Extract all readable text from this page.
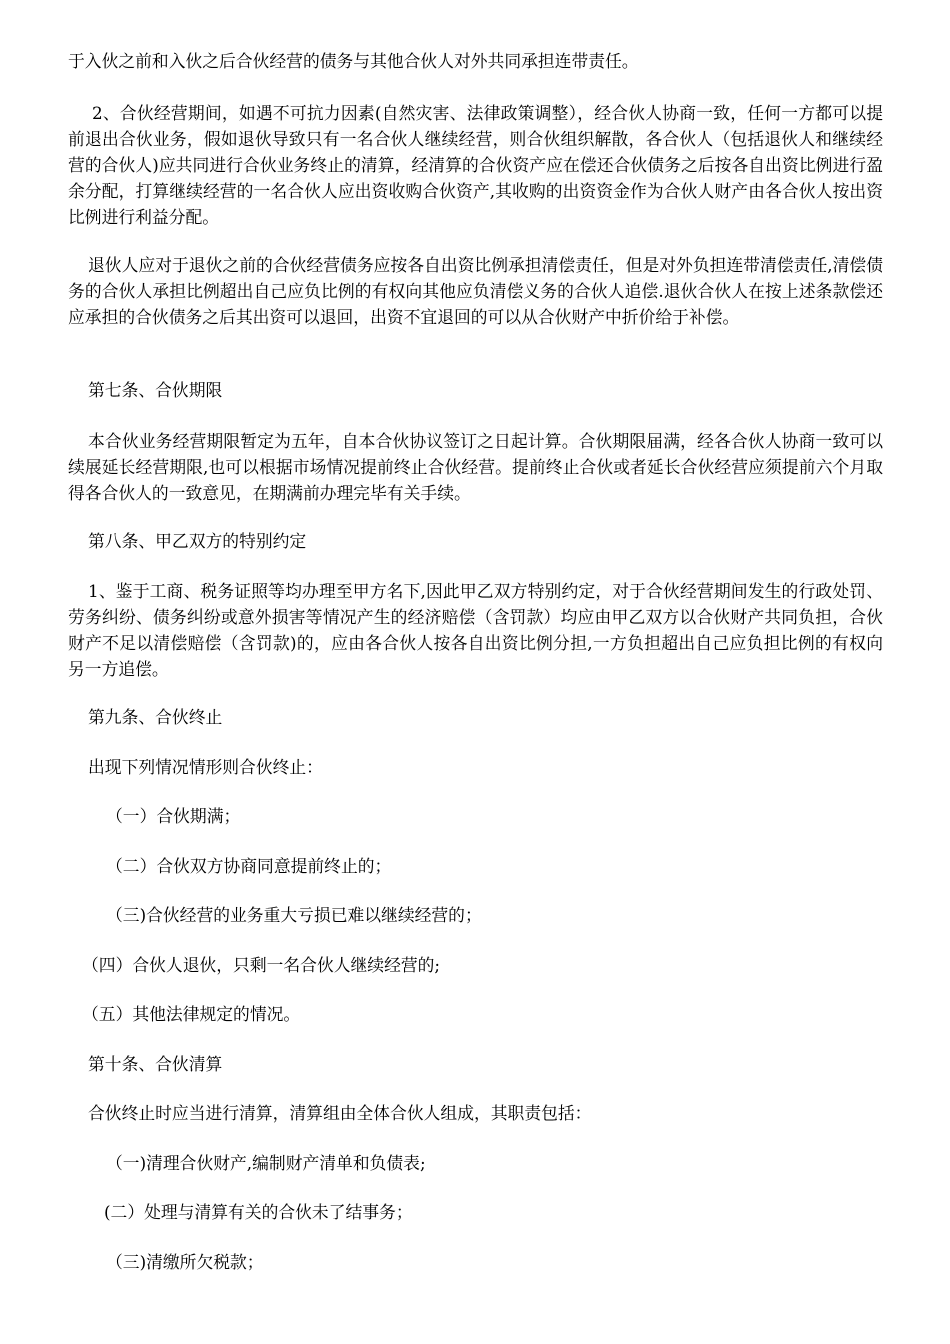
于入伙之前和入伙之后合伙经营的债务与其他合伙人对外共同承担连带责任。

2、合伙经营期间，如遇不可抗力因素(自然灾害、法律政策调整），经合伙人协商一致，任何一方都可以提前退出合伙业务，假如退伙导致只有一名合伙人继续经营，则合伙组织解散，各合伙人（包括退伙人和继续经营的合伙人)应共同进行合伙业务终止的清算，经清算的合伙资产应在偿还合伙债务之后按各自出资比例进行盈余分配，打算继续经营的一名合伙人应出资收购合伙资产,其收购的出资资金作为合伙人财产由各合伙人按出资比例进行利益分配。

退伙人应对于退伙之前的合伙经营债务应按各自出资比例承担清偿责任，但是对外负担连带清偿责任,清偿债务的合伙人承担比例超出自己应负比例的有权向其他应负清偿义务的合伙人追偿.退伙合伙人在按上述条款偿还应承担的合伙债务之后其出资可以退回，出资不宜退回的可以从合伙财产中折价给于补偿。

第七条、合伙期限

本合伙业务经营期限暂定为五年，自本合伙协议签订之日起计算。合伙期限届满，经各合伙人协商一致可以续展延长经营期限,也可以根据市场情况提前终止合伙经营。提前终止合伙或者延长合伙经营应须提前六个月取得各合伙人的一致意见，在期满前办理完毕有关手续。

第八条、甲乙双方的特别约定

1、鉴于工商、税务证照等均办理至甲方名下,因此甲乙双方特别约定，对于合伙经营期间发生的行政处罚、劳务纠纷、债务纠纷或意外损害等情况产生的经济赔偿（含罚款）均应由甲乙双方以合伙财产共同负担，合伙财产不足以清偿赔偿（含罚款)的，应由各合伙人按各自出资比例分担,一方负担超出自己应负担比例的有权向另一方追偿。

第九条、合伙终止

出现下列情况情形则合伙终止：

（一）合伙期满；

（二）合伙双方协商同意提前终止的；

（三)合伙经营的业务重大亏损已难以继续经营的；

（四）合伙人退伙，只剩一名合伙人继续经营的;

（五）其他法律规定的情况。

第十条、合伙清算

合伙终止时应当进行清算，清算组由全体合伙人组成，其职责包括：

（一)清理合伙财产,编制财产清单和负债表;

(二）处理与清算有关的合伙未了结事务；

（三)清缴所欠税款；
